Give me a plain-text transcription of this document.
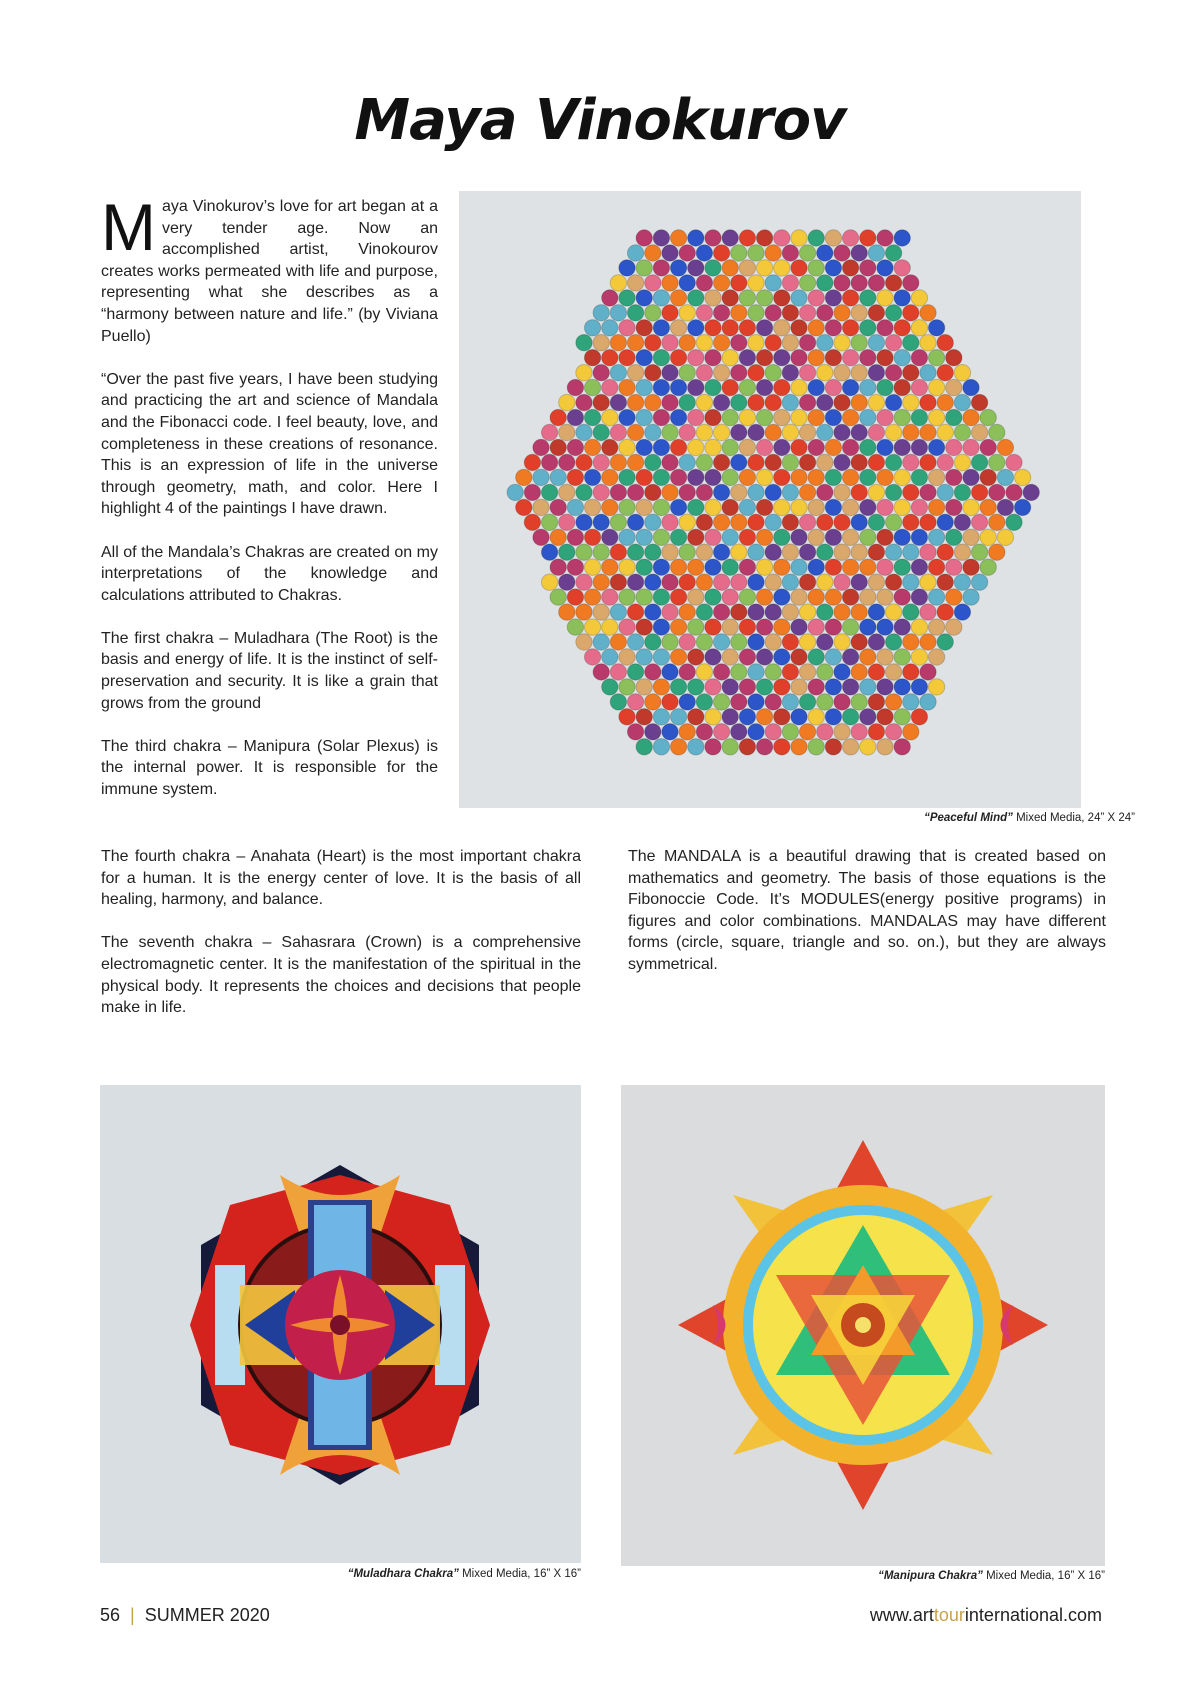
Maya Vinokurov

Maya Vinokurov’s love for art began at a very tender age. Now an accomplished artist, Vinokourov creates works permeated with life and purpose, representing what she describes as a “harmony between nature and life.” (by Viviana Puello)

“Over the past five years, I have been studying and practicing the art and science of Mandala and the Fibonacci code. I feel beauty, love, and completeness in these creations of resonance. This is an expression of life in the universe through geometry, math, and color. Here I highlight 4 of the paintings I have drawn.

All of the Mandala’s Chakras are created on my interpretations of the knowledge and calculations attributed to Chakras.

The first chakra – Muladhara (The Root) is the basis and energy of life. It is the instinct of self-preservation and security. It is like a grain that grows from the ground

The third chakra – Manipura (Solar Plexus) is the internal power. It is responsible for the immune system.

“Peaceful Mind” Mixed Media, 24” X 24”

The fourth chakra – Anahata (Heart) is the most important chakra for a human. It is the energy center of love. It is the basis of all healing, harmony, and balance.

The seventh chakra – Sahasrara (Crown) is a comprehensive electromagnetic center. It is the manifestation of the spiritual in the physical body. It represents the choices and decisions that people make in life.

The MANDALA is a beautiful drawing that is created based on mathematics and geometry. The basis of those equations is the Fibonoccie Code. It’s MODULES(energy positive programs) in figures and color combinations. MANDALAS may have different forms (circle, square, triangle and so. on.), but they are always symmetrical.

“Muladhara Chakra” Mixed Media, 16” X 16”	“Manipura Chakra” Mixed Media, 16” X 16”
56 | SUMMER 2020	www.arttourinternational.com
